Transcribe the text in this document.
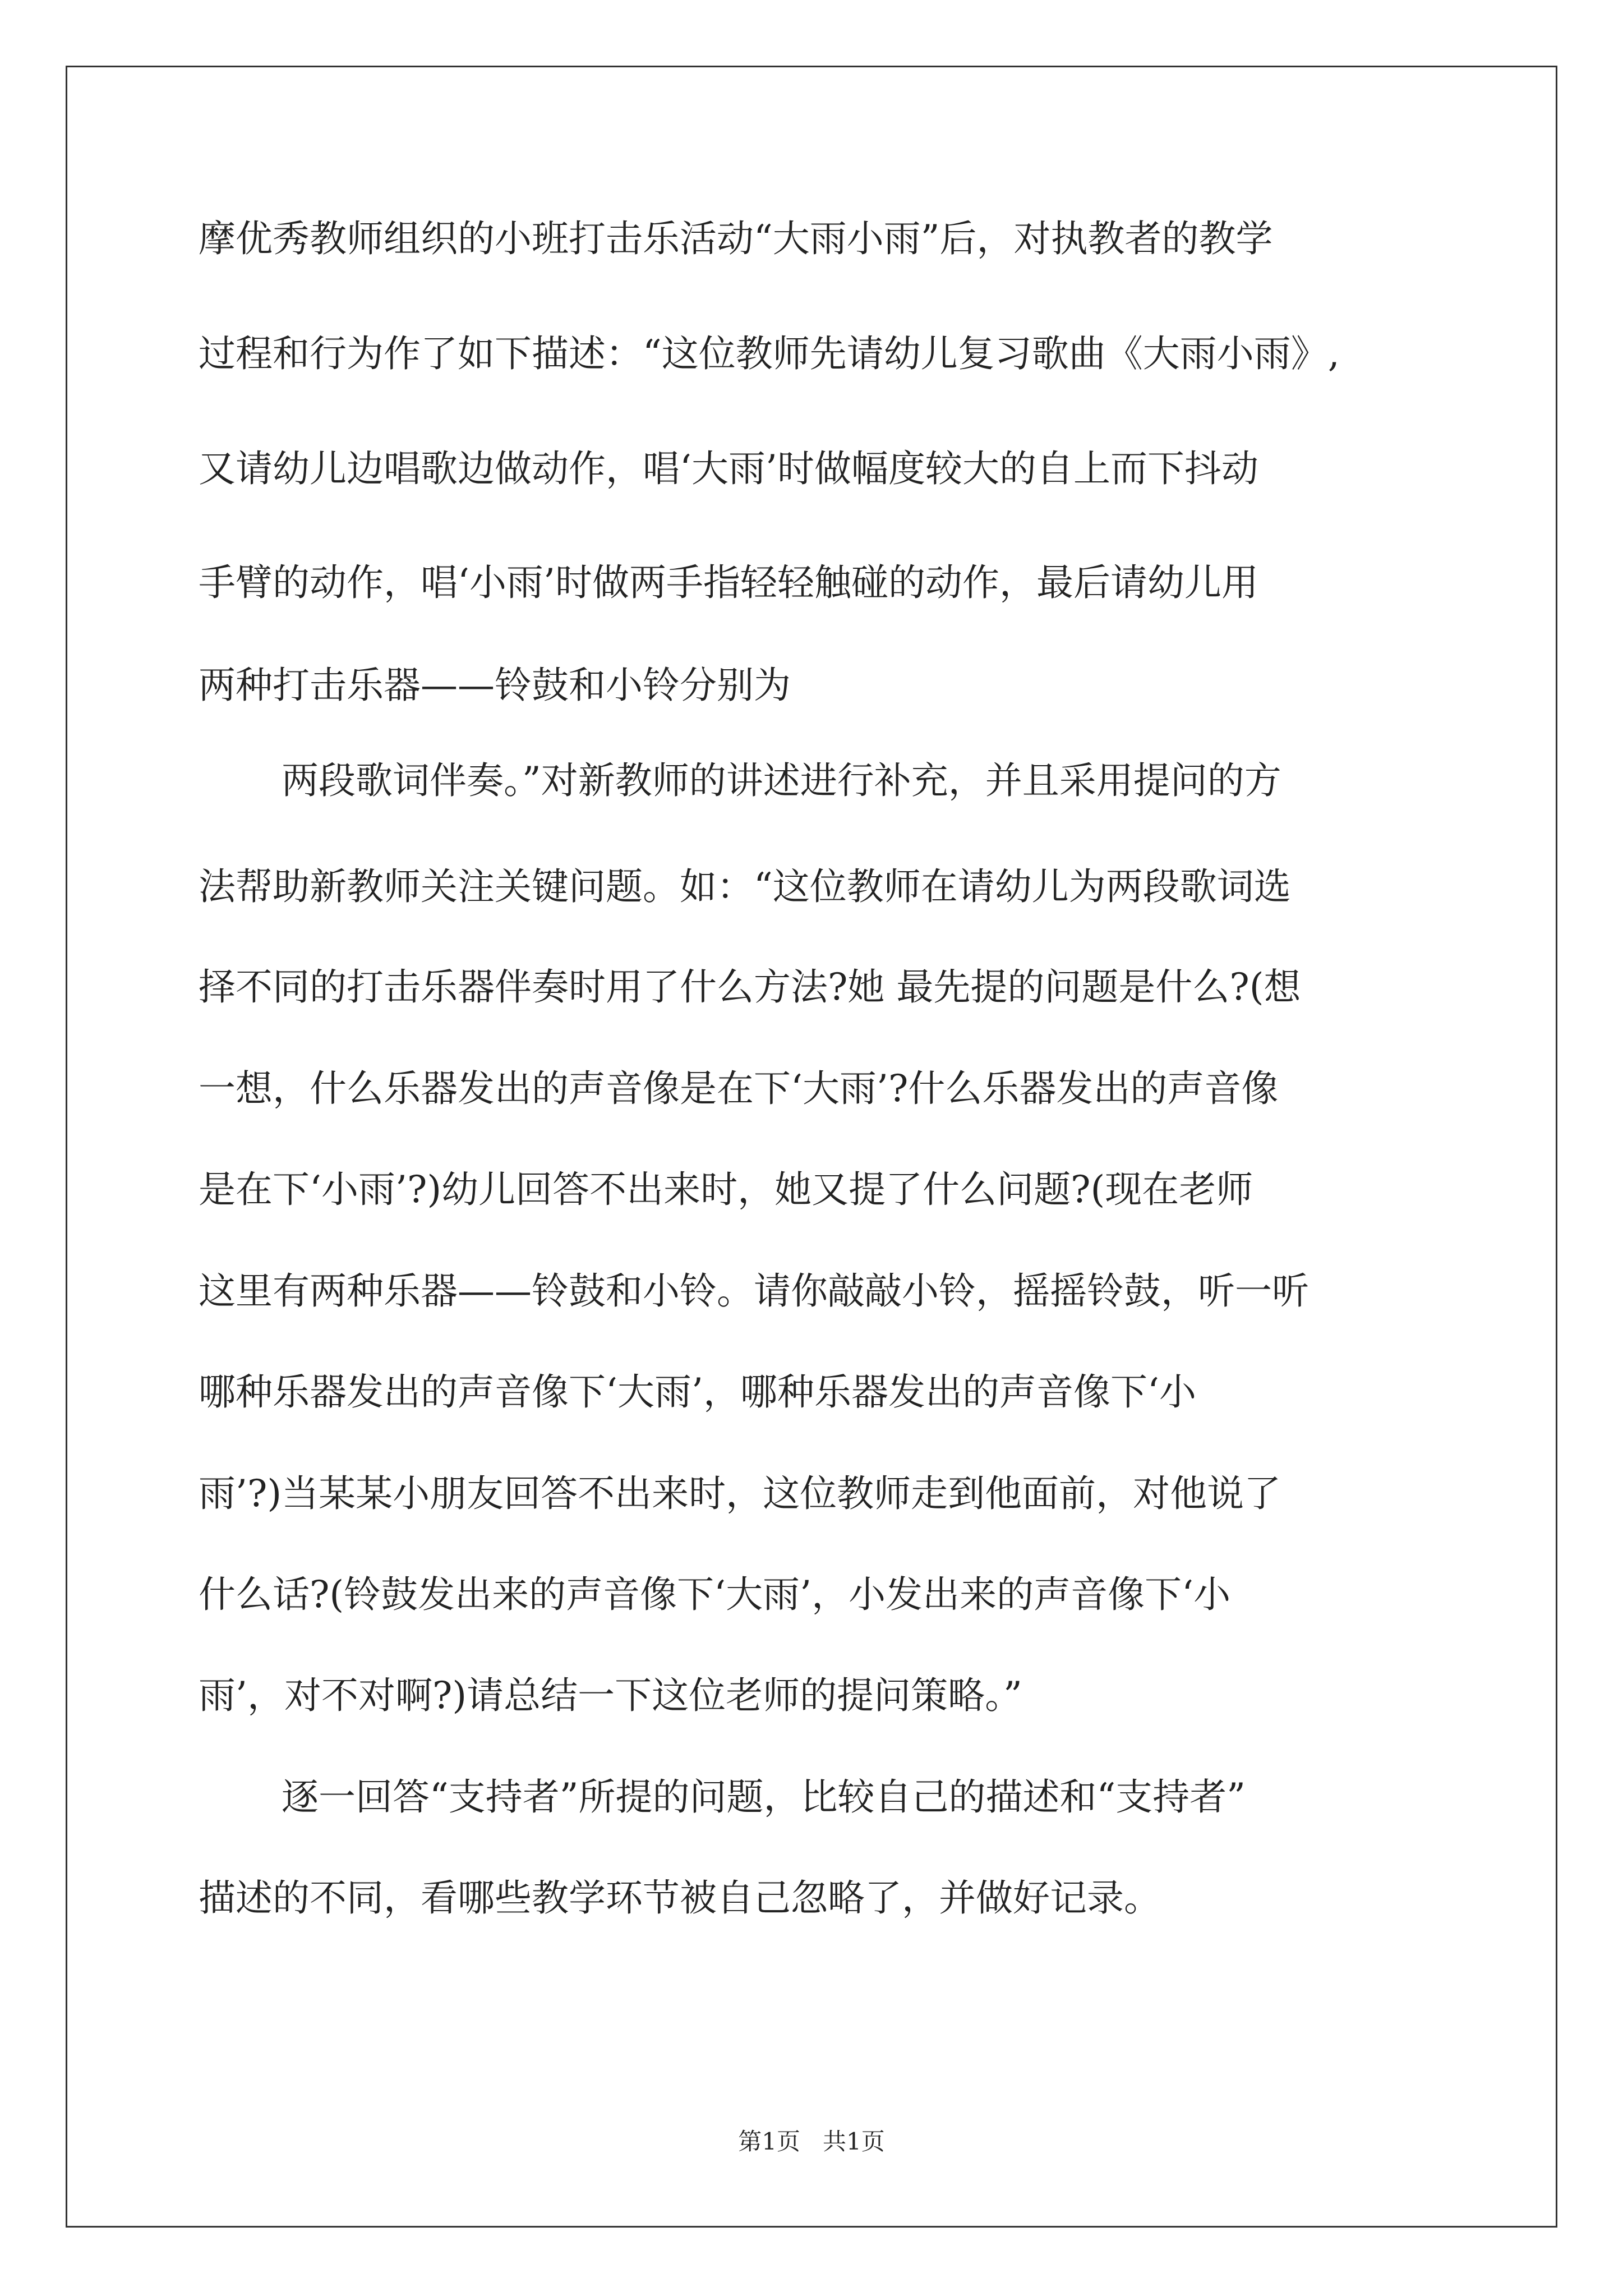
摩优秀教师组织的小班打击乐活动“大雨小雨”后，对执教者的教学
过程和行为作了如下描述：“这位教师先请幼儿复习歌曲《大雨小雨》,
又请幼儿边唱歌边做动作，唱‘大雨’时做幅度较大的自上而下抖动
手臂的动作，唱‘小雨’时做两手指轻轻触碰的动作，最后请幼儿用
两种打击乐器——铃鼓和小铃分别为
两段歌词伴奏。”对新教师的讲述进行补充，并且采用提问的方
法帮助新教师关注关键问题。如：“这位教师在请幼儿为两段歌词选
择不同的打击乐器伴奏时用了什么方法?她 最先提的问题是什么?(想
一想，什么乐器发出的声音像是在下‘大雨’?什么乐器发出的声音像
是在下‘小雨’?)幼儿回答不出来时，她又提了什么问题?(现在老师
这里有两种乐器——铃鼓和小铃。请你敲敲小铃，摇摇铃鼓，听一听
哪种乐器发出的声音像下‘大雨’，哪种乐器发出的声音像下‘小
雨’?)当某某小朋友回答不出来时，这位教师走到他面前，对他说了
什么话?(铃鼓发出来的声音像下‘大雨’，小发出来的声音像下‘小
雨’，对不对啊?)请总结一下这位老师的提问策略。”
逐一回答“支持者”所提的问题，比较自己的描述和“支持者”
描述的不同，看哪些教学环节被自己忽略了，并做好记录。
第1页   共1页
